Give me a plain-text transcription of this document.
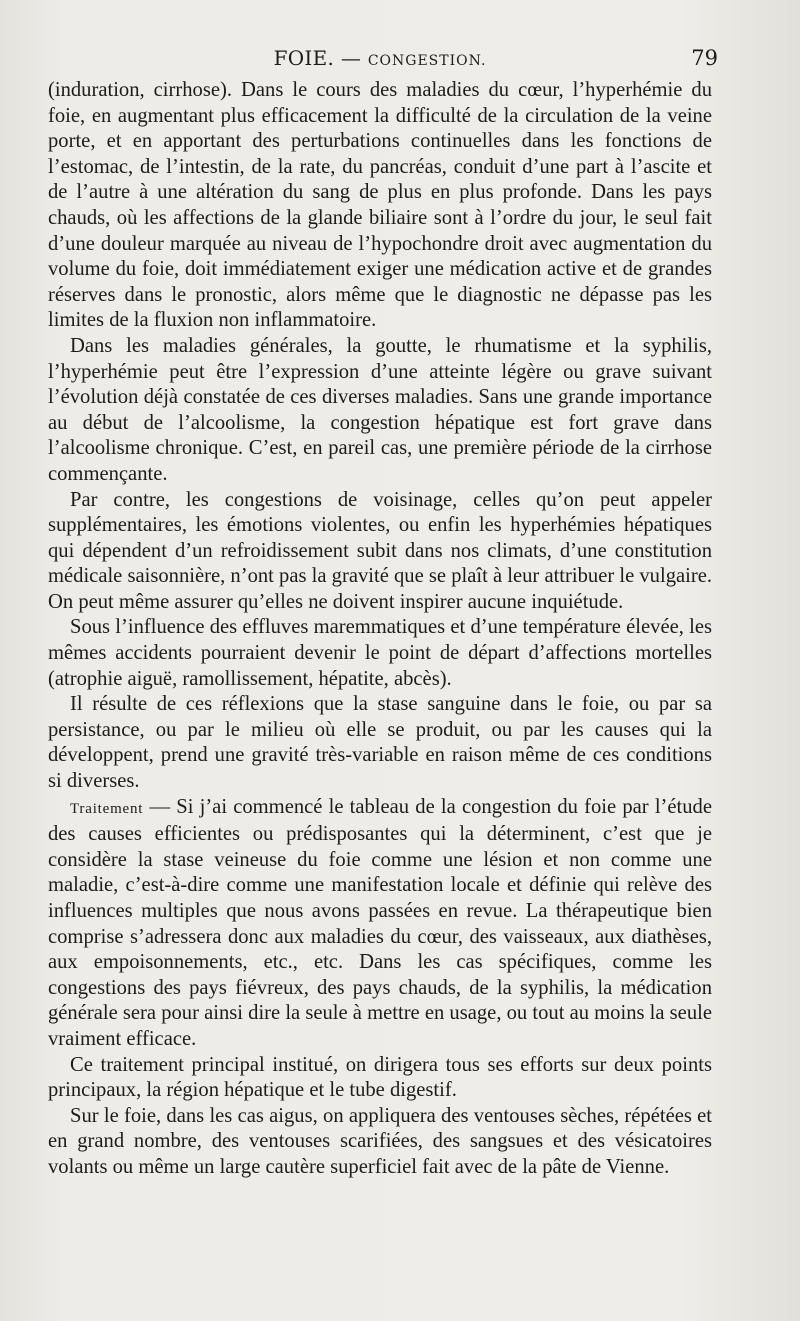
FOIE. — CONGESTION.	79

(induration, cirrhose). Dans le cours des maladies du cœur, l’hyperhémie du foie, en augmentant plus efficacement la difficulté de la circulation de la veine porte, et en apportant des perturbations continuelles dans les fonctions de l’estomac, de l’intestin, de la rate, du pancréas, conduit d’une part à l’ascite et de l’autre à une altération du sang de plus en plus profonde. Dans les pays chauds, où les affections de la glande biliaire sont à l’ordre du jour, le seul fait d’une douleur marquée au niveau de l’hypochondre droit avec augmentation du volume du foie, doit immédiatement exiger une médication active et de grandes réserves dans le pronostic, alors même que le diagnostic ne dépasse pas les limites de la fluxion non inflammatoire.

Dans les maladies générales, la goutte, le rhumatisme et la syphilis, l’hyperhémie peut être l’expression d’une atteinte légère ou grave suivant l’évolution déjà constatée de ces diverses maladies. Sans une grande importance au début de l’alcoolisme, la congestion hépatique est fort grave dans l’alcoolisme chronique. C’est, en pareil cas, une première période de la cirrhose commençante.

Par contre, les congestions de voisinage, celles qu’on peut appeler supplémentaires, les émotions violentes, ou enfin les hyperhémies hépatiques qui dépendent d’un refroidissement subit dans nos climats, d’une constitution médicale saisonnière, n’ont pas la gravité que se plaît à leur attribuer le vulgaire. On peut même assurer qu’elles ne doivent inspirer aucune inquiétude.

Sous l’influence des effluves maremmatiques et d’une température élevée, les mêmes accidents pourraient devenir le point de départ d’affections mortelles (atrophie aiguë, ramollissement, hépatite, abcès).

Il résulte de ces réflexions que la stase sanguine dans le foie, ou par sa persistance, ou par le milieu où elle se produit, ou par les causes qui la développent, prend une gravité très-variable en raison même de ces conditions si diverses.

Traitement — Si j’ai commencé le tableau de la congestion du foie par l’étude des causes efficientes ou prédisposantes qui la déterminent, c’est que je considère la stase veineuse du foie comme une lésion et non comme une maladie, c’est-à-dire comme une manifestation locale et définie qui relève des influences multiples que nous avons passées en revue. La thérapeutique bien comprise s’adressera donc aux maladies du cœur, des vaisseaux, aux diathèses, aux empoisonnements, etc., etc. Dans les cas spécifiques, comme les congestions des pays fiévreux, des pays chauds, de la syphilis, la médication générale sera pour ainsi dire la seule à mettre en usage, ou tout au moins la seule vraiment efficace.

Ce traitement principal institué, on dirigera tous ses efforts sur deux points principaux, la région hépatique et le tube digestif.

Sur le foie, dans les cas aigus, on appliquera des ventouses sèches, répétées et en grand nombre, des ventouses scarifiées, des sangsues et des vésicatoires volants ou même un large cautère superficiel fait avec de la pâte de Vienne.
